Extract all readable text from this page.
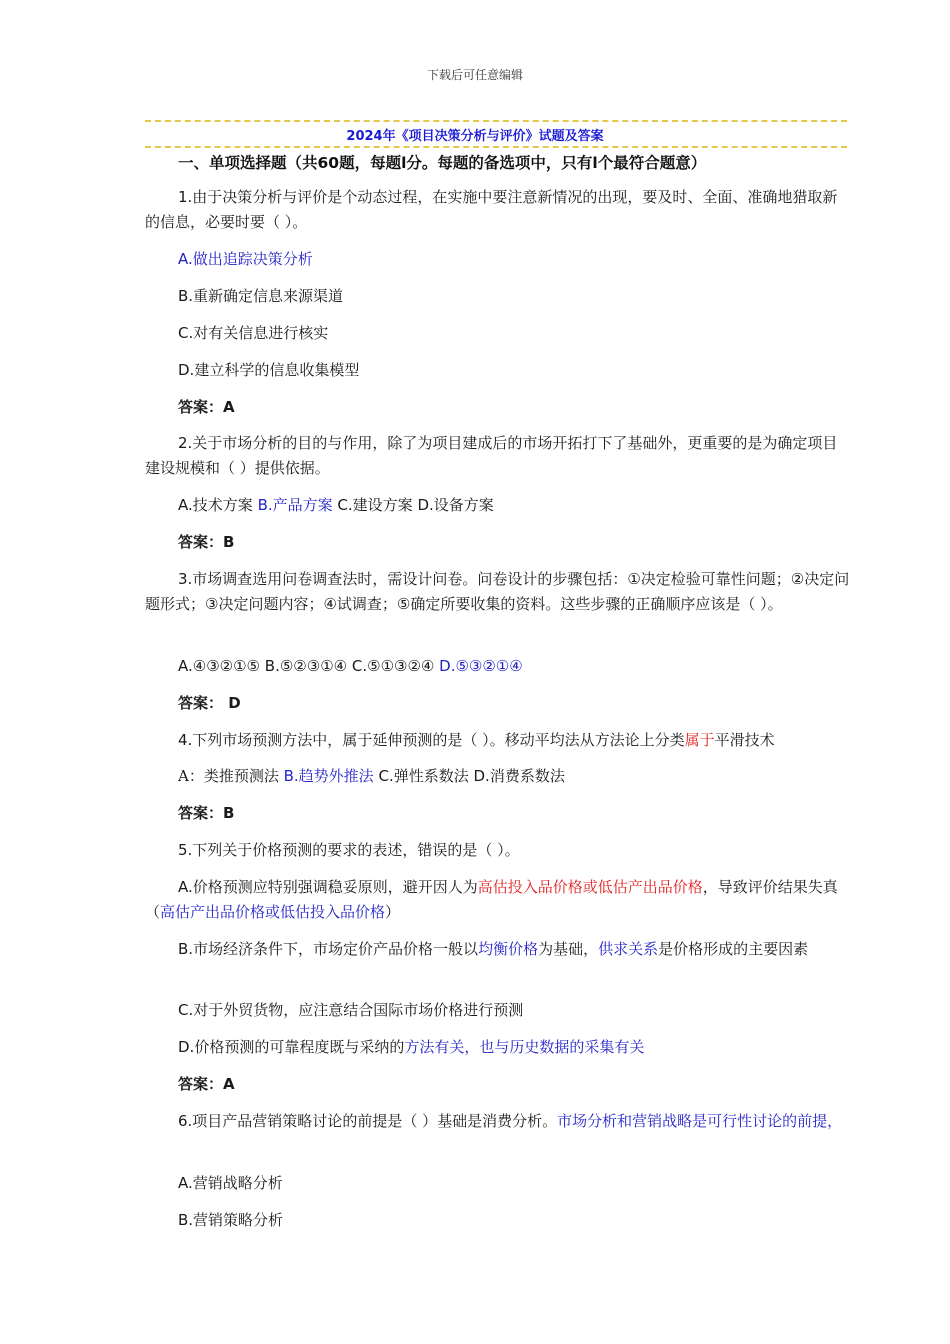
下载后可任意编辑
2024年《项目决策分析与评价》试题及答案
一、单项选择题（共60题，每题l分。每题的备选项中，只有l个最符合题意）

1.由于决策分析与评价是个动态过程，在实施中要注意新情况的出现，要及时、全面、准确地猎取新的信息，必要时要（ ）。

A.做出追踪决策分析

B.重新确定信息来源渠道

C.对有关信息进行核实

D.建立科学的信息收集模型

答案：A

2.关于市场分析的目的与作用，除了为项目建成后的市场开拓打下了基础外，更重要的是为确定项目建设规模和（ ）提供依据。

A.技术方案 B.产品方案 C.建设方案 D.设备方案

答案：B

3.市场调查选用问卷调查法时，需设计问卷。问卷设计的步骤包括：①决定检验可靠性问题；②决定问题形式；③决定问题内容；④试调查；⑤确定所要收集的资料。这些步骤的正确顺序应该是（ ）。

A.④③②①⑤ B.⑤②③①④ C.⑤①③②④ D.⑤③②①④

答案： D

4.下列市场预测方法中，属于延伸预测的是（ ）。移动平均法从方法论上分类属于平滑技术

A：类推预测法 B.趋势外推法 C.弹性系数法 D.消费系数法

答案：B

5.下列关于价格预测的要求的表述，错误的是（ ）。

A.价格预测应特别强调稳妥原则，避开因人为高估投入品价格或低估产出品价格，导致评价结果失真（高估产出品价格或低估投入品价格）

B.市场经济条件下，市场定价产品价格一般以均衡价格为基础，供求关系是价格形成的主要因素

C.对于外贸货物，应注意结合国际市场价格进行预测

D.价格预测的可靠程度既与采纳的方法有关，也与历史数据的采集有关

答案：A

6.项目产品营销策略讨论的前提是（ ）基础是消费分析。市场分析和营销战略是可行性讨论的前提，

A.营销战略分析

B.营销策略分析
